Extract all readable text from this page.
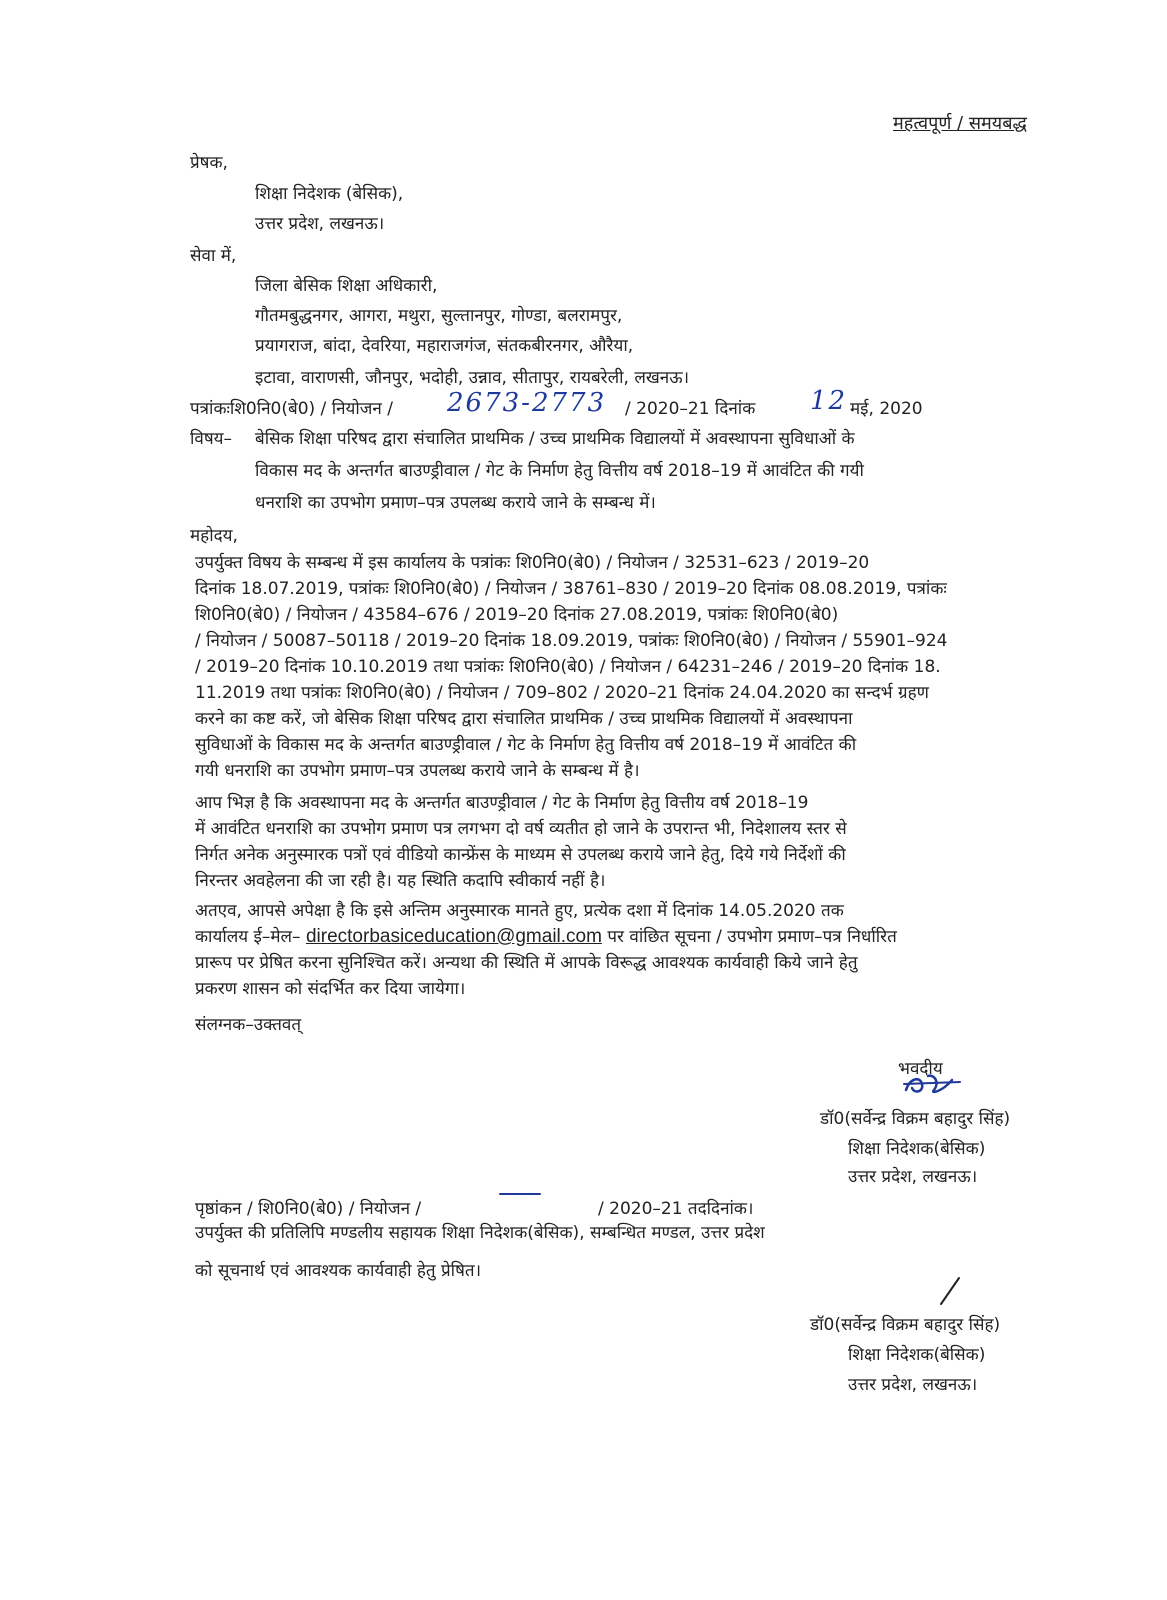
महत्वपूर्ण / समयबद्ध
प्रेषक,
शिक्षा निदेशक (बेसिक),
उत्तर प्रदेश, लखनऊ।
सेवा में,
जिला बेसिक शिक्षा अधिकारी,
गौतमबुद्धनगर, आगरा, मथुरा, सुल्तानपुर, गोण्डा, बलरामपुर,
प्रयागराज, बांदा, देवरिया, महाराजगंज, संतकबीरनगर, औरैया,
इटावा, वाराणसी, जौनपुर, भदोही, उन्नाव, सीतापुर, रायबरेली, लखनऊ।
पत्रांकःशि0नि0(बे0) / नियोजन / 2673-2773 / 2020–21 दिनांक 12 मई, 2020
विषय– बेसिक शिक्षा परिषद द्वारा संचालित प्राथमिक / उच्च प्राथमिक विद्यालयों में अवस्थापना सुविधाओं के
विकास मद के अन्तर्गत बाउण्ड्रीवाल / गेट के निर्माण हेतु वित्तीय वर्ष 2018–19 में आवंटित की गयी
धनराशि का उपभोग प्रमाण–पत्र उपलब्ध कराये जाने के सम्बन्ध में।
महोदय,
उपर्युक्त विषय के सम्बन्ध में इस कार्यालय के पत्रांकः शि0नि0(बे0) / नियोजन / 32531–623 / 2019–20
दिनांक 18.07.2019, पत्रांकः शि0नि0(बे0) / नियोजन / 38761–830 / 2019–20 दिनांक 08.08.2019, पत्रांकः
शि0नि0(बे0) / नियोजन / 43584–676 / 2019–20 दिनांक 27.08.2019, पत्रांकः शि0नि0(बे0)
/ नियोजन / 50087–50118 / 2019–20 दिनांक 18.09.2019, पत्रांकः शि0नि0(बे0) / नियोजन / 55901–924
/ 2019–20 दिनांक 10.10.2019 तथा पत्रांकः शि0नि0(बे0) / नियोजन / 64231–246 / 2019–20 दिनांक 18.
11.2019 तथा पत्रांकः शि0नि0(बे0) / नियोजन / 709–802 / 2020–21 दिनांक 24.04.2020 का सन्दर्भ ग्रहण
करने का कष्ट करें, जो बेसिक शिक्षा परिषद द्वारा संचालित प्राथमिक / उच्च प्राथमिक विद्यालयों में अवस्थापना
सुविधाओं के विकास मद के अन्तर्गत बाउण्ड्रीवाल / गेट के निर्माण हेतु वित्तीय वर्ष 2018–19 में आवंटित की
गयी धनराशि का उपभोग प्रमाण–पत्र उपलब्ध कराये जाने के सम्बन्ध में है।
आप भिज्ञ है कि अवस्थापना मद के अन्तर्गत बाउण्ड्रीवाल / गेट के निर्माण हेतु वित्तीय वर्ष 2018–19
में आवंटित धनराशि का उपभोग प्रमाण पत्र लगभग दो वर्ष व्यतीत हो जाने के उपरान्त भी, निदेशालय स्तर से
निर्गत अनेक अनुस्मारक पत्रों एवं वीडियो कान्फ्रेंस के माध्यम से उपलब्ध कराये जाने हेतु, दिये गये निर्देशों की
निरन्तर अवहेलना की जा रही है। यह स्थिति कदापि स्वीकार्य नहीं है।
अतएव, आपसे अपेक्षा है कि इसे अन्तिम अनुस्मारक मानते हुए, प्रत्येक दशा में दिनांक 14.05.2020 तक
कार्यालय ई–मेल– directorbasiceducation@gmail.com पर वांछित सूचना / उपभोग प्रमाण–पत्र निर्धारित
प्रारूप पर प्रेषित करना सुनिश्चित करें। अन्यथा की स्थिति में आपके विरूद्ध आवश्यक कार्यवाही किये जाने हेतु
प्रकरण शासन को संदर्भित कर दिया जायेगा।
संलग्नक–उक्तवत्
भवदीय
डॉ0(सर्वेन्द्र विक्रम बहादुर सिंह)
शिक्षा निदेशक(बेसिक)
उत्तर प्रदेश, लखनऊ।
पृष्ठांकन / शि0नि0(बे0) / नियोजन /	/ 2020–21 तददिनांक।
उपर्युक्त की प्रतिलिपि मण्डलीय सहायक शिक्षा निदेशक(बेसिक), सम्बन्धित मण्डल, उत्तर प्रदेश
को सूचनार्थ एवं आवश्यक कार्यवाही हेतु प्रेषित।
डॉ0(सर्वेन्द्र विक्रम बहादुर सिंह)
शिक्षा निदेशक(बेसिक)
उत्तर प्रदेश, लखनऊ।
